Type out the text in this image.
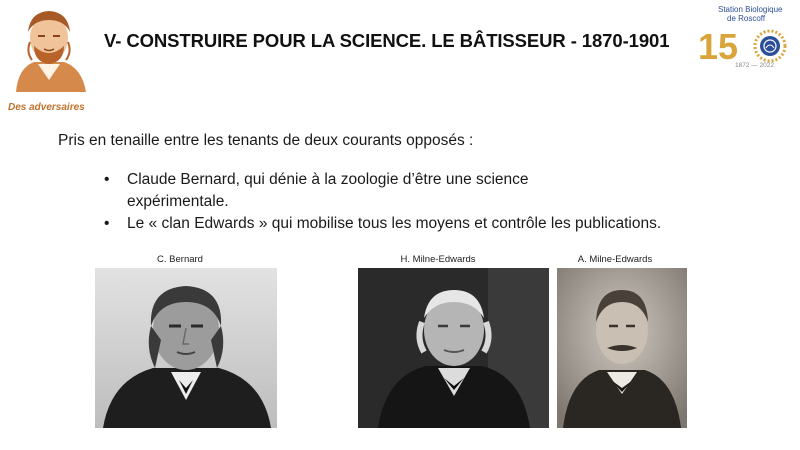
Des adversaires
V- CONSTRUIRE POUR LA SCIENCE. LE BÂTISSEUR - 1870-1901 1 5
Station Biologique
de Roscoff
1872 — 2022
Pris en tenaille entre les tenants de deux courants opposés :
• Claude Bernard, qui dénie à la zoologie d’être une science
expérimentale.
• Le « clan Edwards » qui mobilise tous les moyens et contrôle les publications.
C. Bernard	H. Milne-Edwards	A. Milne-Edwards
